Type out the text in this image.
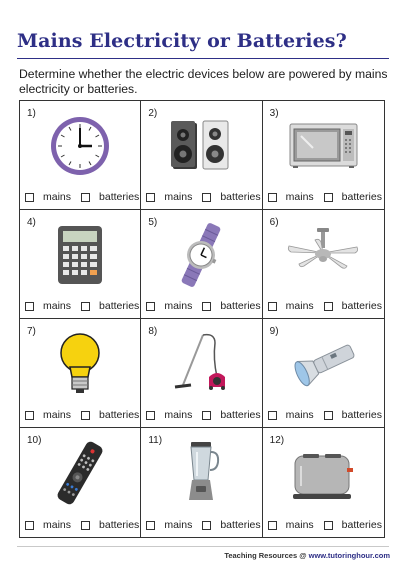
Mains Electricity or Batteries?

Determine whether the electric devices below are powered by mains electricity or batteries.

1)
mains	batteries
2)
mains	batteries
3)
mains	batteries
4)
mains	batteries
5)
mains	batteries
6)
mains	batteries
7)
mains	batteries
8)
mains	batteries
9)
mains	batteries
10)
mains	batteries
11)
mains	batteries
12)
mains	batteries
Teaching Resources @ www.tutoringhour.com
